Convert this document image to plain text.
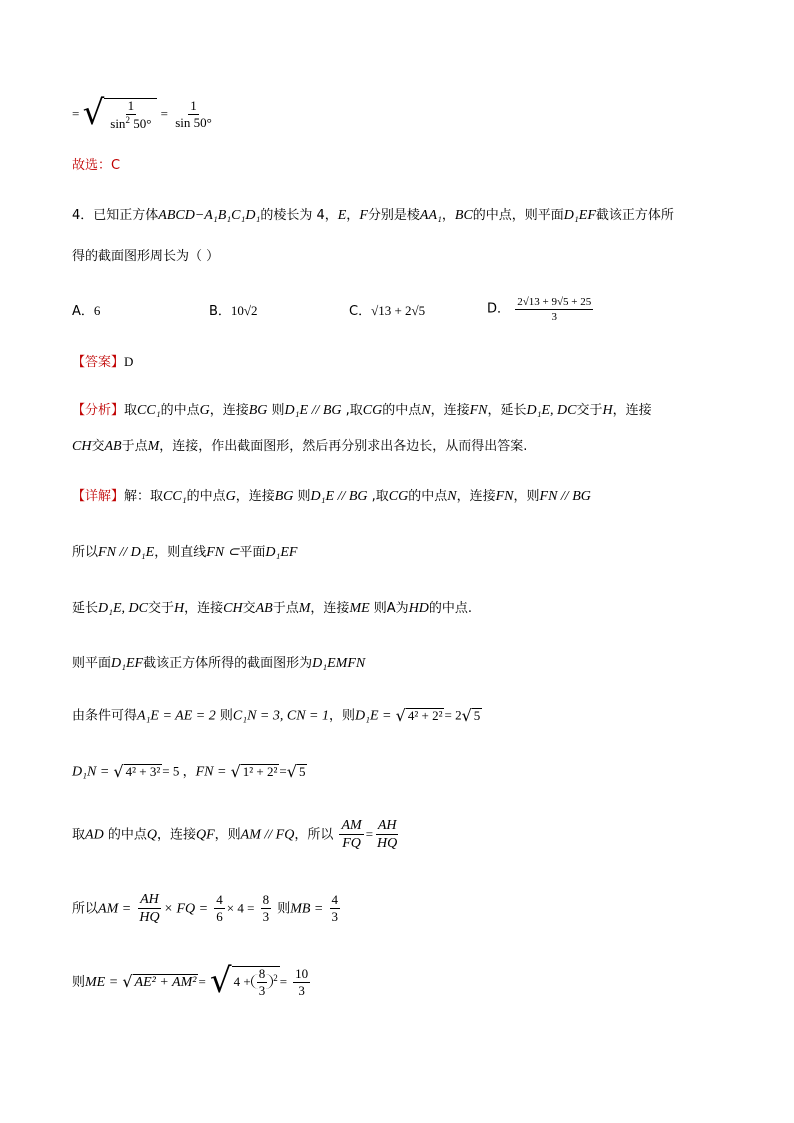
= √ $\frac{1}{\sin^2 50^\circ} = \frac{1}{\sin 50^\circ}$
故选：C
4．已知正方体ABCD−A₁B₁C₁D₁的棱长为 4，E，F分别是棱AA₁，BC的中点，则平面D₁EF截该正方体所
得的截面图形周长为（ ）
A．6	B．10√2	C．√13 + 2√5	D． $\frac{2√13 + 9√5 + 25}{3}$
【答案】D
【分析】取CC₁的中点G，连接BG 则D₁E // BG ,取CG的中点N，连接FN，延长D₁E, DC交于H，连接
CH交AB于点M，连接，作出截面图形，然后再分别求出各边长，从而得出答案.
【详解】解：取CC₁的中点G，连接BG 则D₁E // BG ,取CG的中点N，连接FN，则FN // BG
所以FN // D₁E，则直线FN ⊂平面D₁EF
延长D₁E, DC交于H，连接CH交AB于点M，连接ME 则A为HD的中点.
则平面D₁EF截该正方体所得的截面图形为D₁EMFN
由条件可得A₁E = AE = 2 则C₁N = 3, CN = 1，则D₁E = √ 4² + 2² = 2 √ 5
D₁N = √ 4² + 3² = 5 ，FN = √ 1² + 2² = √ 5
取AD 的中点Q，连接QF，则AM // FQ，所以 $\frac{AM}{FQ} = \frac{AH}{HQ}$
所以AM = $\frac{AH}{HQ}$ × FQ = $\frac{4}{6} \times 4 = \frac{8}{3}$ 则MB = $\frac{4}{3}$
则ME = √ AE² + AM² = √ $4 + \frac{8}{3} ^2 = \frac{10}{3}$
